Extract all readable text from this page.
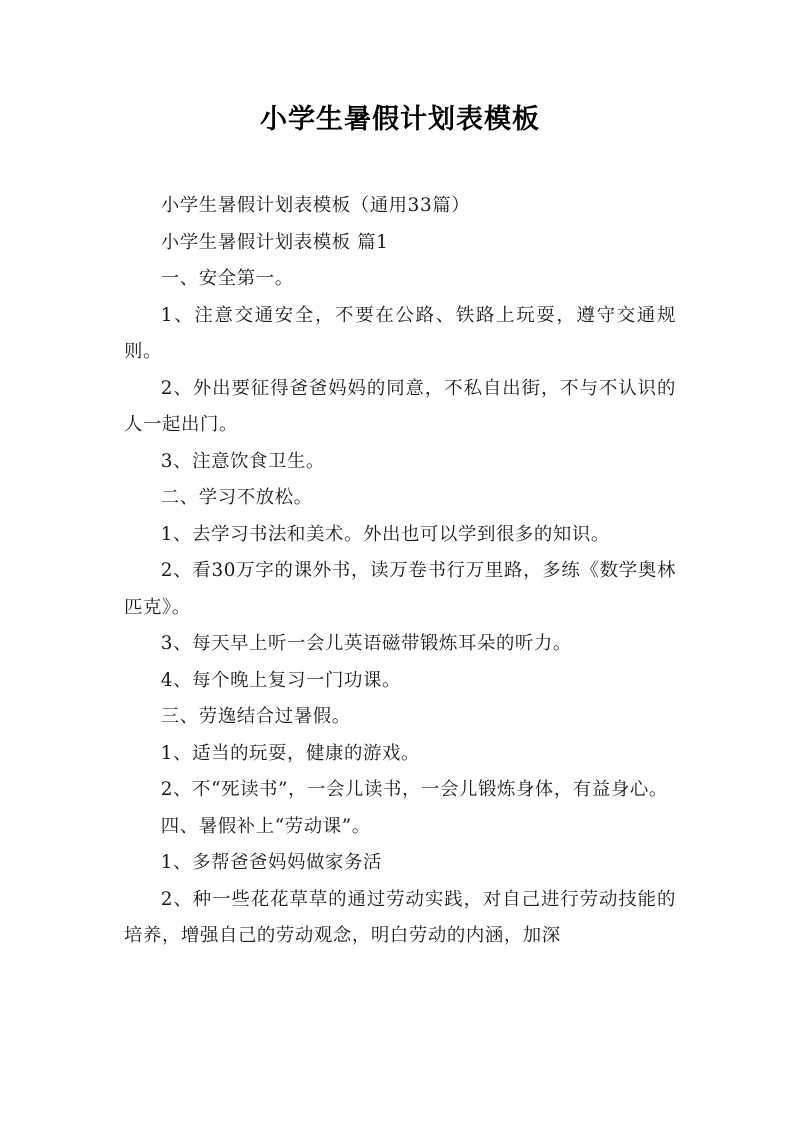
小学生暑假计划表模板

小学生暑假计划表模板（通用33篇）

小学生暑假计划表模板 篇1

一、安全第一。

1、注意交通安全，不要在公路、铁路上玩耍，遵守交通规则。

2、外出要征得爸爸妈妈的同意，不私自出街，不与不认识的人一起出门。

3、注意饮食卫生。

二、学习不放松。

1、去学习书法和美术。外出也可以学到很多的知识。

2、看30万字的课外书，读万卷书行万里路，多练《数学奥林匹克》。

3、每天早上听一会儿英语磁带锻炼耳朵的听力。

4、每个晚上复习一门功课。

三、劳逸结合过暑假。

1、适当的玩耍，健康的游戏。

2、不“死读书”，一会儿读书，一会儿锻炼身体，有益身心。

四、暑假补上“劳动课”。

1、多帮爸爸妈妈做家务活

2、种一些花花草草的通过劳动实践，对自己进行劳动技能的培养，增强自己的劳动观念，明白劳动的内涵，加深
